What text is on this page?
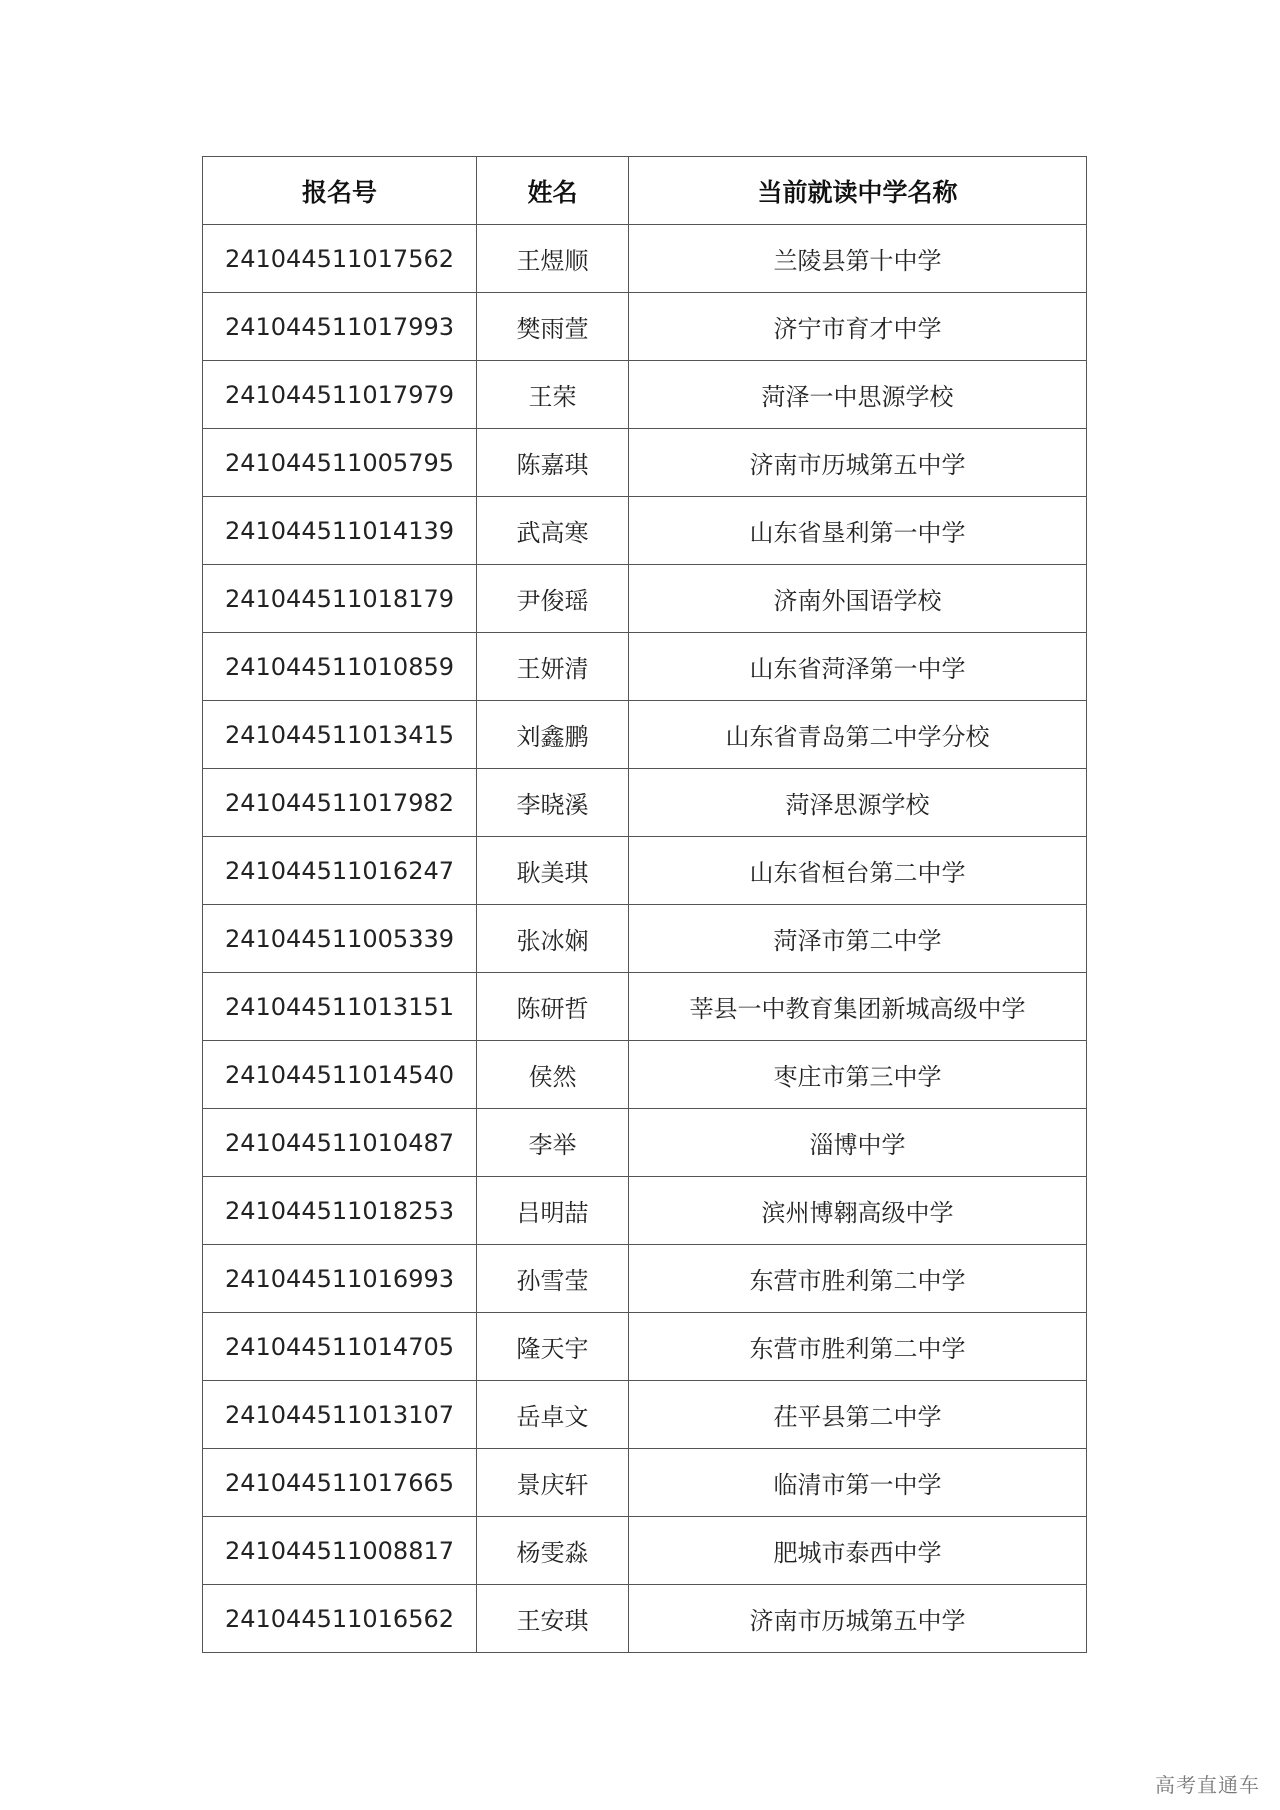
报名号	姓名	当前就读中学名称
241044511017562	王煜顺	兰陵县第十中学
241044511017993	樊雨萱	济宁市育才中学
241044511017979	王荣	菏泽一中思源学校
241044511005795	陈嘉琪	济南市历城第五中学
241044511014139	武高寒	山东省垦利第一中学
241044511018179	尹俊瑶	济南外国语学校
241044511010859	王妍清	山东省菏泽第一中学
241044511013415	刘鑫鹏	山东省青岛第二中学分校
241044511017982	李晓溪	菏泽思源学校
241044511016247	耿美琪	山东省桓台第二中学
241044511005339	张冰娴	菏泽市第二中学
241044511013151	陈研哲	莘县一中教育集团新城高级中学
241044511014540	侯然	枣庄市第三中学
241044511010487	李举	淄博中学
241044511018253	吕明喆	滨州博翱高级中学
241044511016993	孙雪莹	东营市胜利第二中学
241044511014705	隆天宇	东营市胜利第二中学
241044511013107	岳卓文	茌平县第二中学
241044511017665	景庆轩	临清市第一中学
241044511008817	杨雯淼	肥城市泰西中学
241044511016562	王安琪	济南市历城第五中学
高考直通车
